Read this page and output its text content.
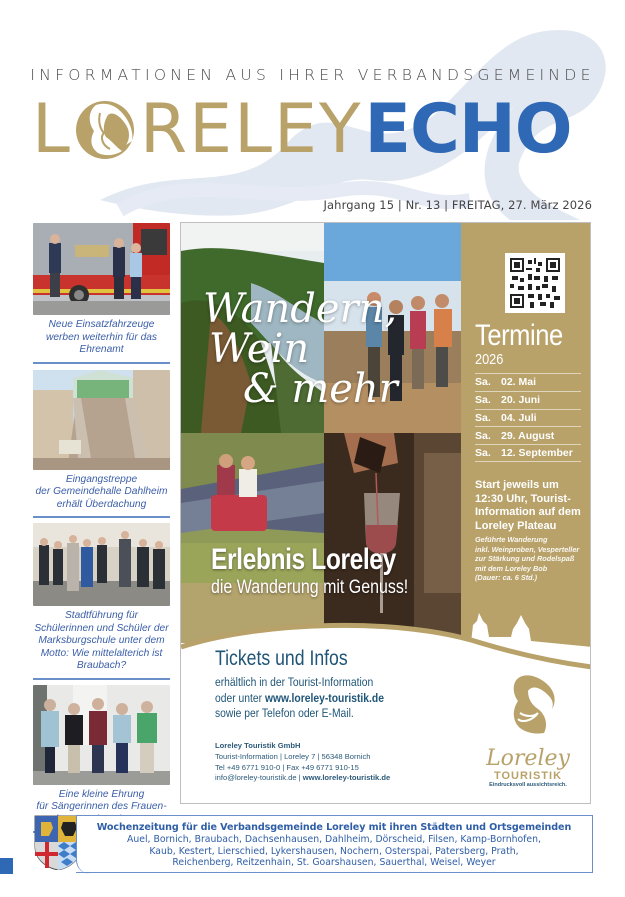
INFORMATIONEN AUS IHRER VERBANDSGEMEINDE
L RELEY ECHO
Jahrgang 15 | Nr. 13 | FREITAG, 27. März 2026
Neue Einsatzfahrzeuge werben weiterhin für das Ehrenamt
Eingangstreppe
der Gemeindehalle Dahlheim
erhält Überdachung
Stadtführung für
Schülerinnen und Schüler der
Marksburgschule unter dem
Motto: Wie mittelalterich ist
Braubach?
Eine kleine Ehrung
für Sängerinnen des Frauen-
Wandern,
Wein
& mehr
Erlebnis Loreley
die Wanderung mit Genuss!
Termine
2026
Sa. 02. Mai
Sa. 20. Juni
Sa. 04. Juli
Sa. 29. August
Sa. 12. September
Start jeweils um
12:30 Uhr, Tourist-
Information auf dem
Loreley Plateau
Geführte Wanderung
inkl. Weinproben, Vesperteller
zur Stärkung und Rodelspaß
mit dem Loreley Bob
(Dauer: ca. 6 Std.)
Tickets und Infos
erhältlich in der Tourist-Information
oder unter www.loreley-touristik.de
sowie per Telefon oder E-Mail.
Loreley Touristik GmbH
Tourist-Information | Loreley 7 | 56348 Bornich
Tel +49 6771 910-0 | Fax +49 6771 910-15
info@loreley-touristik.de | www.loreley-touristik.de
Loreley
TOURISTIK
Eindrucksvoll aussichtsreich.
Wochenzeitung für die Verbandsgemeinde Loreley mit ihren Städten und Ortsgemeinden
Auel, Bornich, Braubach, Dachsenhausen, Dahlheim, Dörscheid, Filsen, Kamp-Bornhofen,
Kaub, Kestert, Lierschied, Lykershausen, Nochern, Osterspai, Patersberg, Prath,
Reichenberg, Reitzenhain, St. Goarshausen, Sauerthal, Weisel, Weyer
